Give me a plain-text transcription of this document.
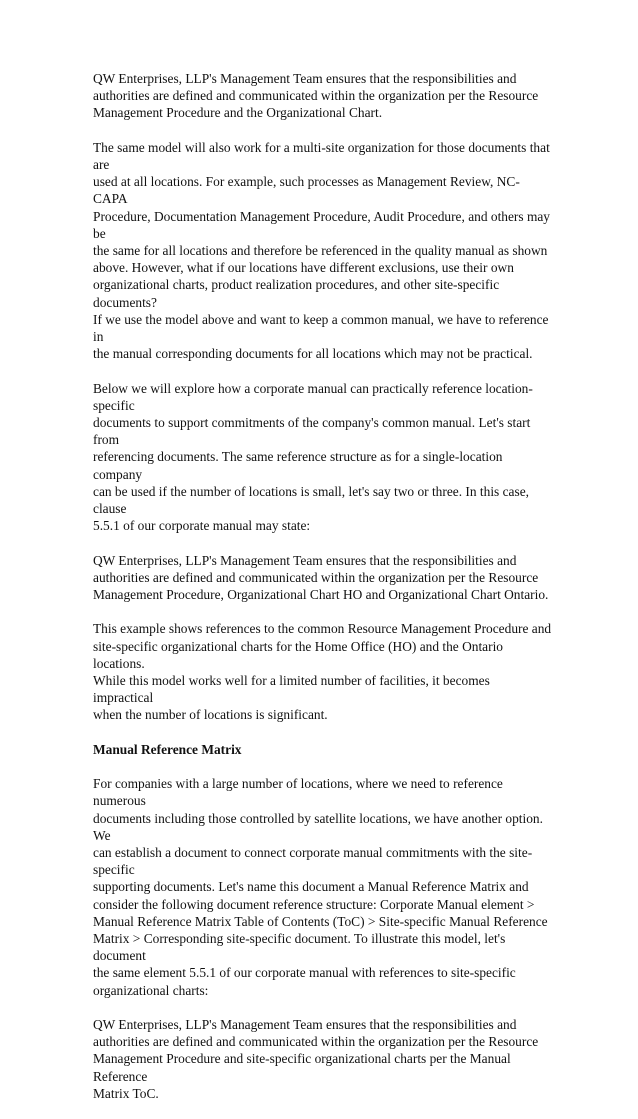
QW Enterprises, LLP's Management Team ensures that the responsibilities and
authorities are defined and communicated within the organization per the Resource
Management Procedure and the Organizational Chart.

The same model will also work for a multi-site organization for those documents that are
used at all locations. For example, such processes as Management Review, NC-CAPA
Procedure, Documentation Management Procedure, Audit Procedure, and others may be
the same for all locations and therefore be referenced in the quality manual as shown
above. However, what if our locations have different exclusions, use their own
organizational charts, product realization procedures, and other site-specific documents?
If we use the model above and want to keep a common manual, we have to reference in
the manual corresponding documents for all locations which may not be practical.

Below we will explore how a corporate manual can practically reference location-specific
documents to support commitments of the company's common manual. Let's start from
referencing documents. The same reference structure as for a single-location company
can be used if the number of locations is small, let's say two or three. In this case, clause
5.5.1 of our corporate manual may state:

QW Enterprises, LLP's Management Team ensures that the responsibilities and
authorities are defined and communicated within the organization per the Resource
Management Procedure, Organizational Chart HO and Organizational Chart Ontario.

This example shows references to the common Resource Management Procedure and
site-specific organizational charts for the Home Office (HO) and the Ontario locations.
While this model works well for a limited number of facilities, it becomes impractical
when the number of locations is significant.

Manual Reference Matrix

For companies with a large number of locations, where we need to reference numerous
documents including those controlled by satellite locations, we have another option. We
can establish a document to connect corporate manual commitments with the site-specific
supporting documents. Let's name this document a Manual Reference Matrix and
consider the following document reference structure: Corporate Manual element >
Manual Reference Matrix Table of Contents (ToC) > Site-specific Manual Reference
Matrix > Corresponding site-specific document. To illustrate this model, let's document
the same element 5.5.1 of our corporate manual with references to site-specific
organizational charts:

QW Enterprises, LLP's Management Team ensures that the responsibilities and
authorities are defined and communicated within the organization per the Resource
Management Procedure and site-specific organizational charts per the Manual Reference
Matrix ToC.
